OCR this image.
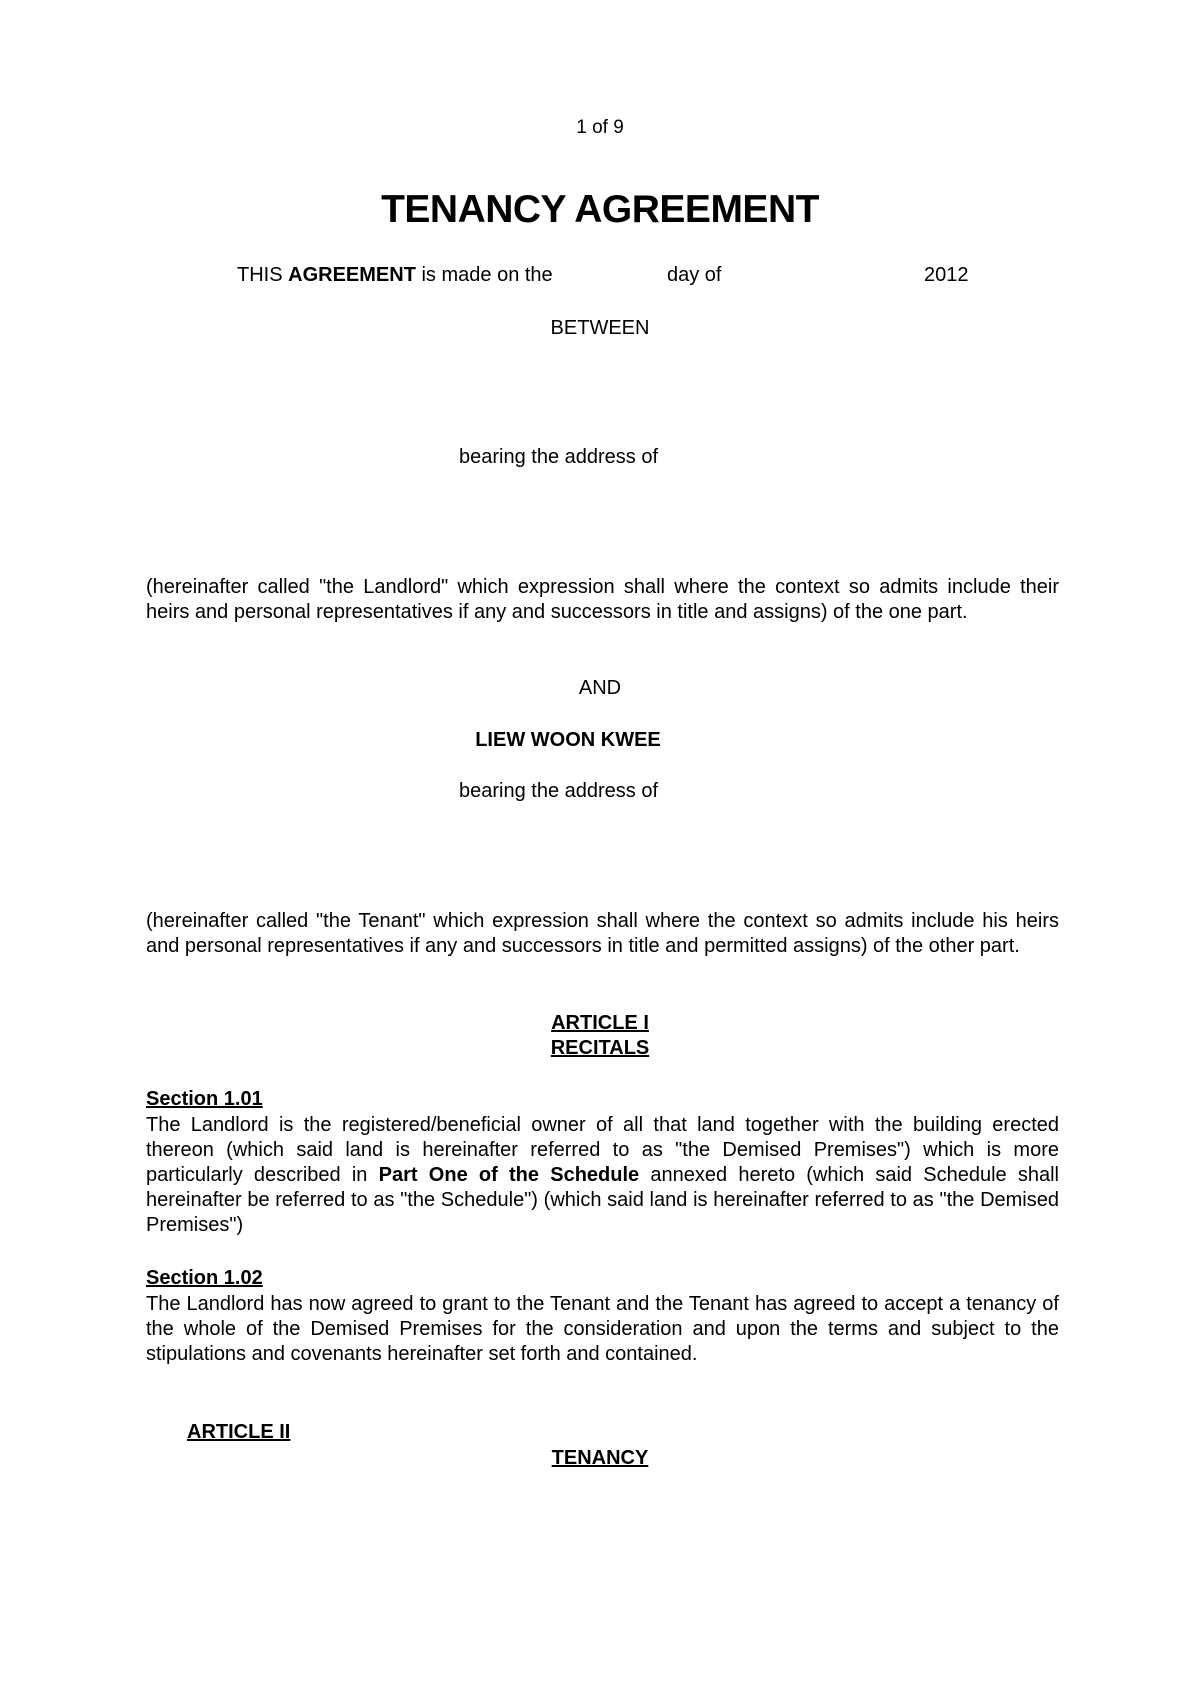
1 of 9
TENANCY AGREEMENT
THIS AGREEMENT is made on the	day of	2012
BETWEEN
bearing the address of
(hereinafter called "the Landlord" which expression shall where the context so admits include their heirs and personal representatives if any and successors in title and assigns) of the one part.
AND
LIEW WOON KWEE
bearing the address of
(hereinafter called "the Tenant" which expression shall where the context so admits include his heirs and personal representatives if any and successors in title and permitted assigns) of the other part.
ARTICLE I
RECITALS
Section 1.01
The Landlord is the registered/beneficial owner of all that land together with the building erected thereon (which said land is hereinafter referred to as "the Demised Premises") which is more particularly described in Part One of the Schedule annexed hereto (which said Schedule shall hereinafter be referred to as "the Schedule") (which said land is hereinafter referred to as "the Demised Premises")
Section 1.02
The Landlord has now agreed to grant to the Tenant and the Tenant has agreed to accept a tenancy of the whole of the Demised Premises for the consideration and upon the terms and subject to the stipulations and covenants hereinafter set forth and contained.
ARTICLE II
TENANCY
